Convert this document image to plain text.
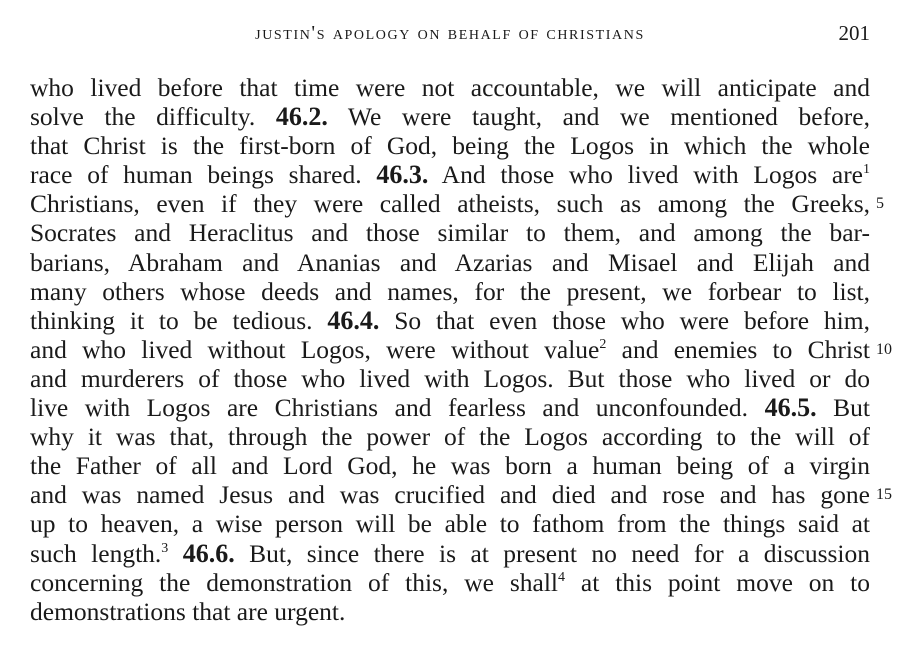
justin's apology on behalf of christians	201
who lived before that time were not accountable, we will anticipate and
solve the difficulty. 46.2. We were taught, and we mentioned before,
that Christ is the first-born of God, being the Logos in which the whole
race of human beings shared. 46.3. And those who lived with Logos are$^1$
Christians, even if they were called atheists, such as among the Greeks,
Socrates and Heraclitus and those similar to them, and among the bar-
barians, Abraham and Ananias and Azarias and Misael and Elijah and
many others whose deeds and names, for the present, we forbear to list,
thinking it to be tedious. 46.4. So that even those who were before him,
and who lived without Logos, were without value$^2$ and enemies to Christ
and murderers of those who lived with Logos. But those who lived or do
live with Logos are Christians and fearless and unconfounded. 46.5. But
why it was that, through the power of the Logos according to the will of
the Father of all and Lord God, he was born a human being of a virgin
and was named Jesus and was crucified and died and rose and has gone
up to heaven, a wise person will be able to fathom from the things said at
such length.$^3$ 46.6. But, since there is at present no need for a discussion
concerning the demonstration of this, we shall$^4$ at this point move on to
demonstrations that are urgent.
5
10
15
